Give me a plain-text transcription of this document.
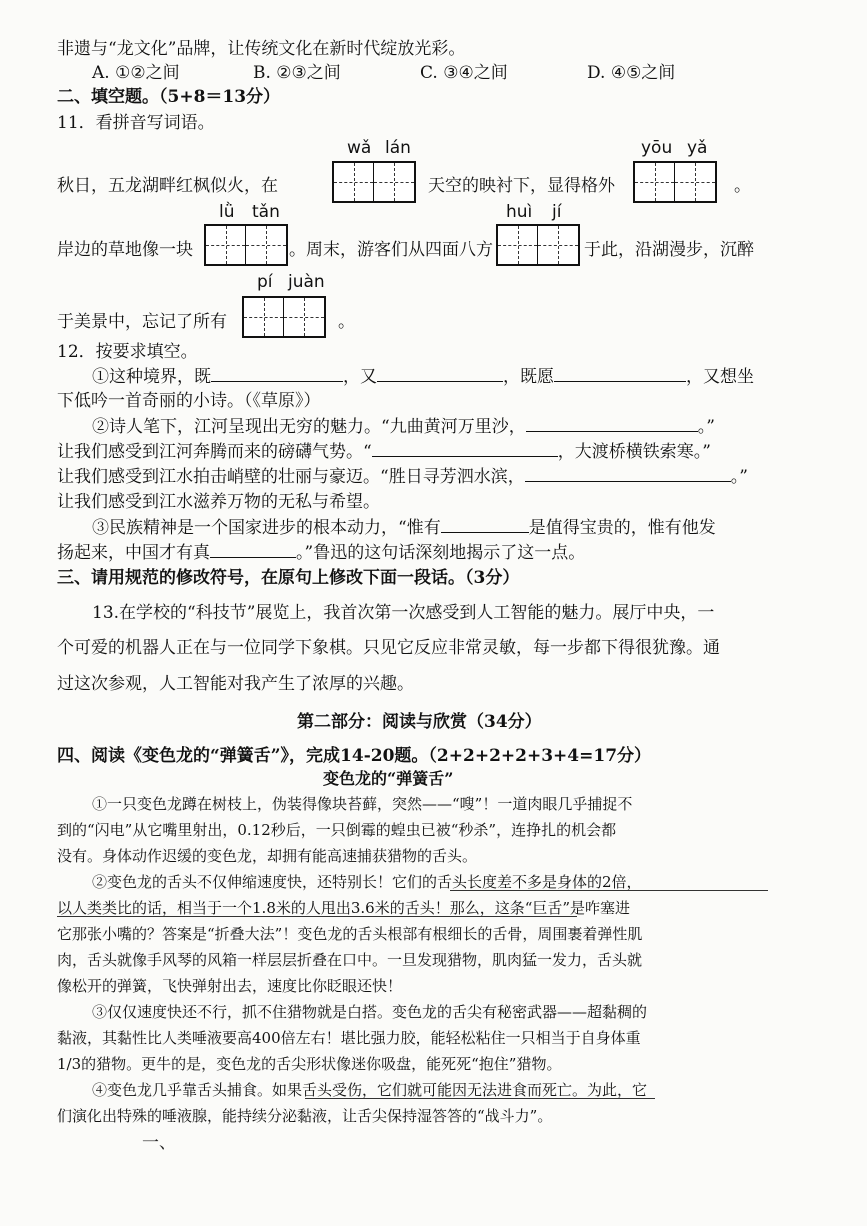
非遗与“龙文化”品牌，让传统文化在新时代绽放光彩。
A. ①②之间	B. ②③之间	C. ③④之间	D. ④⑤之间
二、填空题。（5+8＝13分）
11．看拼音写词语。
wǎ lán	yōu yǎ
秋日，五龙湖畔红枫似火，在	天空的映衬下，显得格外	。
lǜ tǎn	huì jí
岸边的草地像一块	。周末，游客们从四面八方	于此，沿湖漫步，沉醉
pí juàn
于美景中，忘记了所有	。
12．按要求填空。
①这种境界，既	，又	，既愿	，又想坐
下低吟一首奇丽的小诗。（《草原》）
②诗人笔下，江河呈现出无穷的魅力。“九曲黄河万里沙，	。”
让我们感受到江河奔腾而来的磅礴气势。“	，大渡桥横铁索寒。”
让我们感受到江水拍击峭壁的壮丽与豪迈。“胜日寻芳泗水滨，	。”
让我们感受到江水滋养万物的无私与希望。
③民族精神是一个国家进步的根本动力，“惟有	是值得宝贵的，惟有他发
扬起来，中国才有真	。”鲁迅的这句话深刻地揭示了这一点。
三、请用规范的修改符号，在原句上修改下面一段话。（3分）
13.在学校的“科技节”展览上，我首次第一次感受到人工智能的魅力。展厅中央，一
个可爱的机器人正在与一位同学下象棋。只见它反应非常灵敏，每一步都下得很犹豫。通
过这次参观，人工智能对我产生了浓厚的兴趣。
第二部分：阅读与欣赏（34分）
四、阅读《变色龙的“弹簧舌”》，完成14-20题。（2+2+2+2+3+4=17分）
变色龙的“弹簧舌”
①一只变色龙蹲在树枝上，伪装得像块苔藓，突然——“嗖”！一道肉眼几乎捕捉不
到的“闪电”从它嘴里射出，0.12秒后，一只倒霉的蝗虫已被“秒杀”，连挣扎的机会都
没有。身体动作迟缓的变色龙，却拥有能高速捕获猎物的舌头。
②变色龙的舌头不仅伸缩速度快，还特别长！它们的舌头长度差不多是身体的2倍，
以人类类比的话，相当于一个1.8米的人甩出3.6米的舌头！那么，这条“巨舌”是咋塞进
它那张小嘴的？答案是“折叠大法”！变色龙的舌头根部有根细长的舌骨，周围裹着弹性肌
肉，舌头就像手风琴的风箱一样层层折叠在口中。一旦发现猎物，肌肉猛一发力，舌头就
像松开的弹簧，飞快弹射出去，速度比你眨眼还快！
③仅仅速度快还不行，抓不住猎物就是白搭。变色龙的舌尖有秘密武器——超黏稠的
黏液，其黏性比人类唾液要高400倍左右！堪比强力胶，能轻松粘住一只相当于自身体重
1/3的猎物。更牛的是，变色龙的舌尖形状像迷你吸盘，能死死“抱住”猎物。
④变色龙几乎靠舌头捕食。如果舌头受伤，它们就可能因无法进食而死亡。为此，它
们演化出特殊的唾液腺，能持续分泌黏液，让舌尖保持湿答答的“战斗力”。
一、
